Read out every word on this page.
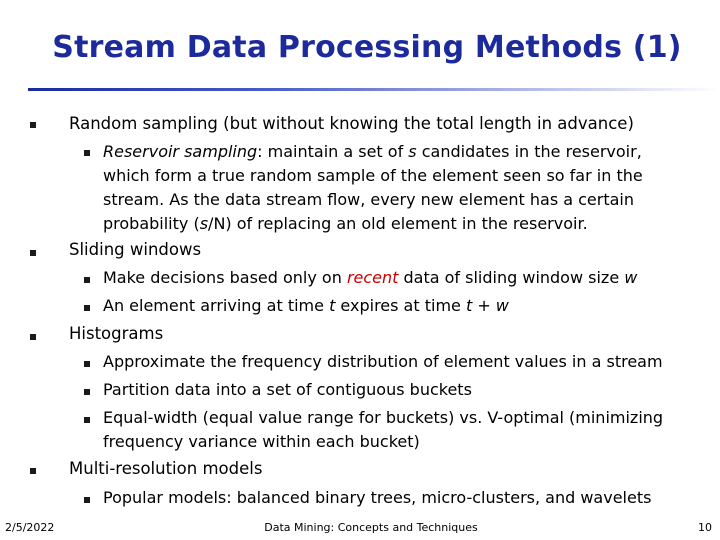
Stream Data Processing Methods (1)
Random sampling (but without knowing the total length in advance)
Reservoir sampling: maintain a set of s candidates in the reservoir,
which form a true random sample of the element seen so far in the
stream. As the data stream flow, every new element has a certain
probability (s/N) of replacing an old element in the reservoir.
Sliding windows
Make decisions based only on recent data of sliding window size w
An element arriving at time t expires at time t + w
Histograms
Approximate the frequency distribution of element values in a stream
Partition data into a set of contiguous buckets
Equal-width (equal value range for buckets) vs. V-optimal (minimizing
frequency variance within each bucket)
Multi-resolution models
Popular models: balanced binary trees, micro-clusters, and wavelets
2/5/2022	Data Mining: Concepts and Techniques	10
